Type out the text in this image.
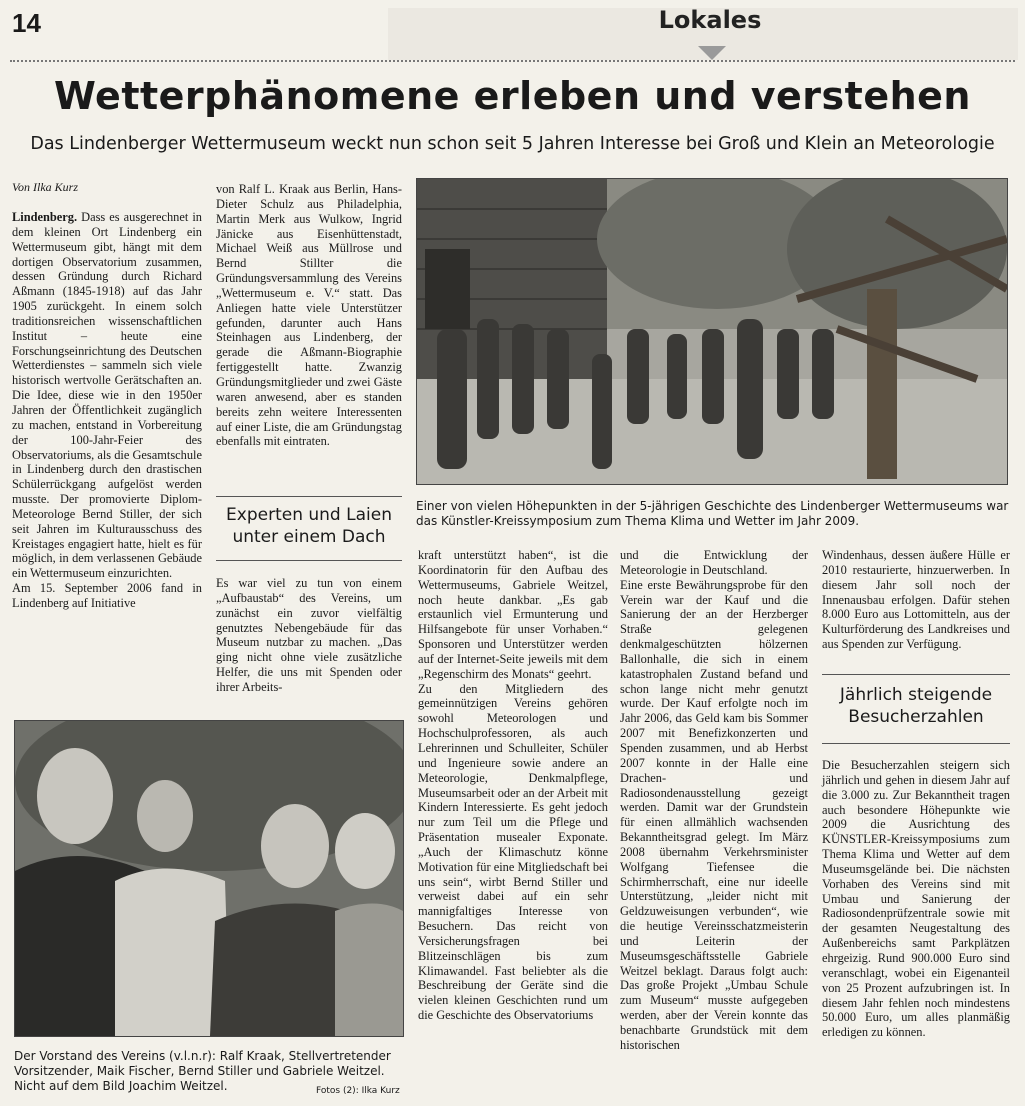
14	Lokales
Wetterphänomene erleben und verstehen
Das Lindenberger Wettermuseum weckt nun schon seit 5 Jahren Interesse bei Groß und Klein an Meteorologie
Von Ilka Kurz

Lindenberg. Dass es ausgerechnet in dem kleinen Ort Lindenberg ein Wettermuseum gibt, hängt mit dem dortigen Observatorium zusammen, dessen Gründung durch Richard Aßmann (1845-1918) auf das Jahr 1905 zurückgeht. In einem solch traditionsreichen wissenschaftlichen Institut – heute eine Forschungseinrichtung des Deutschen Wetterdienstes – sammeln sich viele historisch wertvolle Gerätschaften an. Die Idee, diese wie in den 1950er Jahren der Öffentlichkeit zugänglich zu machen, entstand in Vorbereitung der 100-Jahr-Feier des Observatoriums, als die Gesamtschule in Lindenberg durch den drastischen Schülerrückgang aufgelöst werden musste. Der promovierte Diplom-Meteorologe Bernd Stiller, der sich seit Jahren im Kulturausschuss des Kreistages engagiert hatte, hielt es für möglich, in dem verlassenen Gebäude ein Wettermuseum einzurichten.

Am 15. September 2006 fand in Lindenberg auf Initiative

von Ralf L. Kraak aus Berlin, Hans-Dieter Schulz aus Philadelphia, Martin Merk aus Wulkow, Ingrid Jänicke aus Eisenhüttenstadt, Michael Weiß aus Müllrose und Bernd Stillter die Gründungsversammlung des Vereins „Wettermuseum e. V.“ statt. Das Anliegen hatte viele Unterstützer gefunden, darunter auch Hans Steinhagen aus Lindenberg, der gerade die Aßmann-Biographie fertiggestellt hatte. Zwanzig Gründungsmitglieder und zwei Gäste waren anwesend, aber es standen bereits zehn weitere Interessenten auf einer Liste, die am Gründungstag ebenfalls mit eintraten.

Experten und Laien unter einem Dach

Es war viel zu tun von einem „Aufbaustab“ des Vereins, um zunächst ein zuvor vielfältig genutztes Nebengebäude für das Museum nutzbar zu machen. „Das ging nicht ohne viele zusätzliche Helfer, die uns mit Spenden oder ihrer Arbeits-

Einer von vielen Höhepunkten in der 5-jährigen Geschichte des Lindenberger Wettermuseums war das Künstler-Kreissymposium zum Thema Klima und Wetter im Jahr 2009.

kraft unterstützt haben“, ist die Koordinatorin für den Aufbau des Wettermuseums, Gabriele Weitzel, noch heute dankbar. „Es gab erstaunlich viel Ermunterung und Hilfsangebote für unser Vorhaben.“ Sponsoren und Unterstützer werden auf der Internet-Seite jeweils mit dem „Regenschirm des Monats“ geehrt.

Zu den Mitgliedern des gemeinnützigen Vereins gehören sowohl Meteorologen und Hochschulprofessoren, als auch Lehrerinnen und Schulleiter, Schüler und Ingenieure sowie andere an Meteorologie, Denkmalpflege, Museumsarbeit oder an der Arbeit mit Kindern Interessierte. Es geht jedoch nur zum Teil um die Pflege und Präsentation musealer Exponate. „Auch der Klimaschutz könne Motivation für eine Mitgliedschaft bei uns sein“, wirbt Bernd Stiller und verweist dabei auf ein sehr mannigfaltiges Interesse von Besuchern. Das reicht von Versicherungsfragen bei Blitzeinschlägen bis zum Klimawandel. Fast beliebter als die Beschreibung der Geräte sind die vielen kleinen Geschichten rund um die Geschichte des Observatoriums

und die Entwicklung der Meteorologie in Deutschland.

Eine erste Bewährungsprobe für den Verein war der Kauf und die Sanierung der an der Herzberger Straße gelegenen denkmalgeschützten hölzernen Ballonhalle, die sich in einem katastrophalen Zustand befand und schon lange nicht mehr genutzt wurde. Der Kauf erfolgte noch im Jahr 2006, das Geld kam bis Sommer 2007 mit Benefizkonzerten und Spenden zusammen, und ab Herbst 2007 konnte in der Halle eine Drachen- und Radiosondenausstellung gezeigt werden. Damit war der Grundstein für einen allmählich wachsenden Bekanntheitsgrad gelegt. Im März 2008 übernahm Verkehrsminister Wolfgang Tiefensee die Schirmherrschaft, eine nur ideelle Unterstützung, „leider nicht mit Geldzuweisungen verbunden“, wie die heutige Vereinsschatzmeisterin und Leiterin der Museumsgeschäftsstelle Gabriele Weitzel beklagt. Daraus folgt auch: Das große Projekt „Umbau Schule zum Museum“ musste aufgegeben werden, aber der Verein konnte das benachbarte Grundstück mit dem historischen

Windenhaus, dessen äußere Hülle er 2010 restaurierte, hinzuerwerben. In diesem Jahr soll noch der Innenausbau erfolgen. Dafür stehen 8.000 Euro aus Lottomitteln, aus der Kulturförderung des Landkreises und aus Spenden zur Verfügung.

Jährlich steigende Besucherzahlen

Die Besucherzahlen steigern sich jährlich und gehen in diesem Jahr auf die 3.000 zu. Zur Bekanntheit tragen auch besondere Höhepunkte wie 2009 die Ausrichtung des KÜNSTLER-Kreissymposiums zum Thema Klima und Wetter auf dem Museumsgelände bei. Die nächsten Vorhaben des Vereins sind mit Umbau und Sanierung der Radiosondenprüfzentrale sowie mit der gesamten Neugestaltung des Außenbereichs samt Parkplätzen ehrgeizig. Rund 900.000 Euro sind veranschlagt, wobei ein Eigenanteil von 25 Prozent aufzubringen ist. In diesem Jahr fehlen noch mindestens 50.000 Euro, um alles planmäßig erledigen zu können.

Der Vorstand des Vereins (v.l.n.r): Ralf Kraak, Stellvertretender Vorsitzender, Maik Fischer, Bernd Stiller und Gabriele Weitzel. Nicht auf dem Bild Joachim Weitzel.	Fotos (2): Ilka Kurz
